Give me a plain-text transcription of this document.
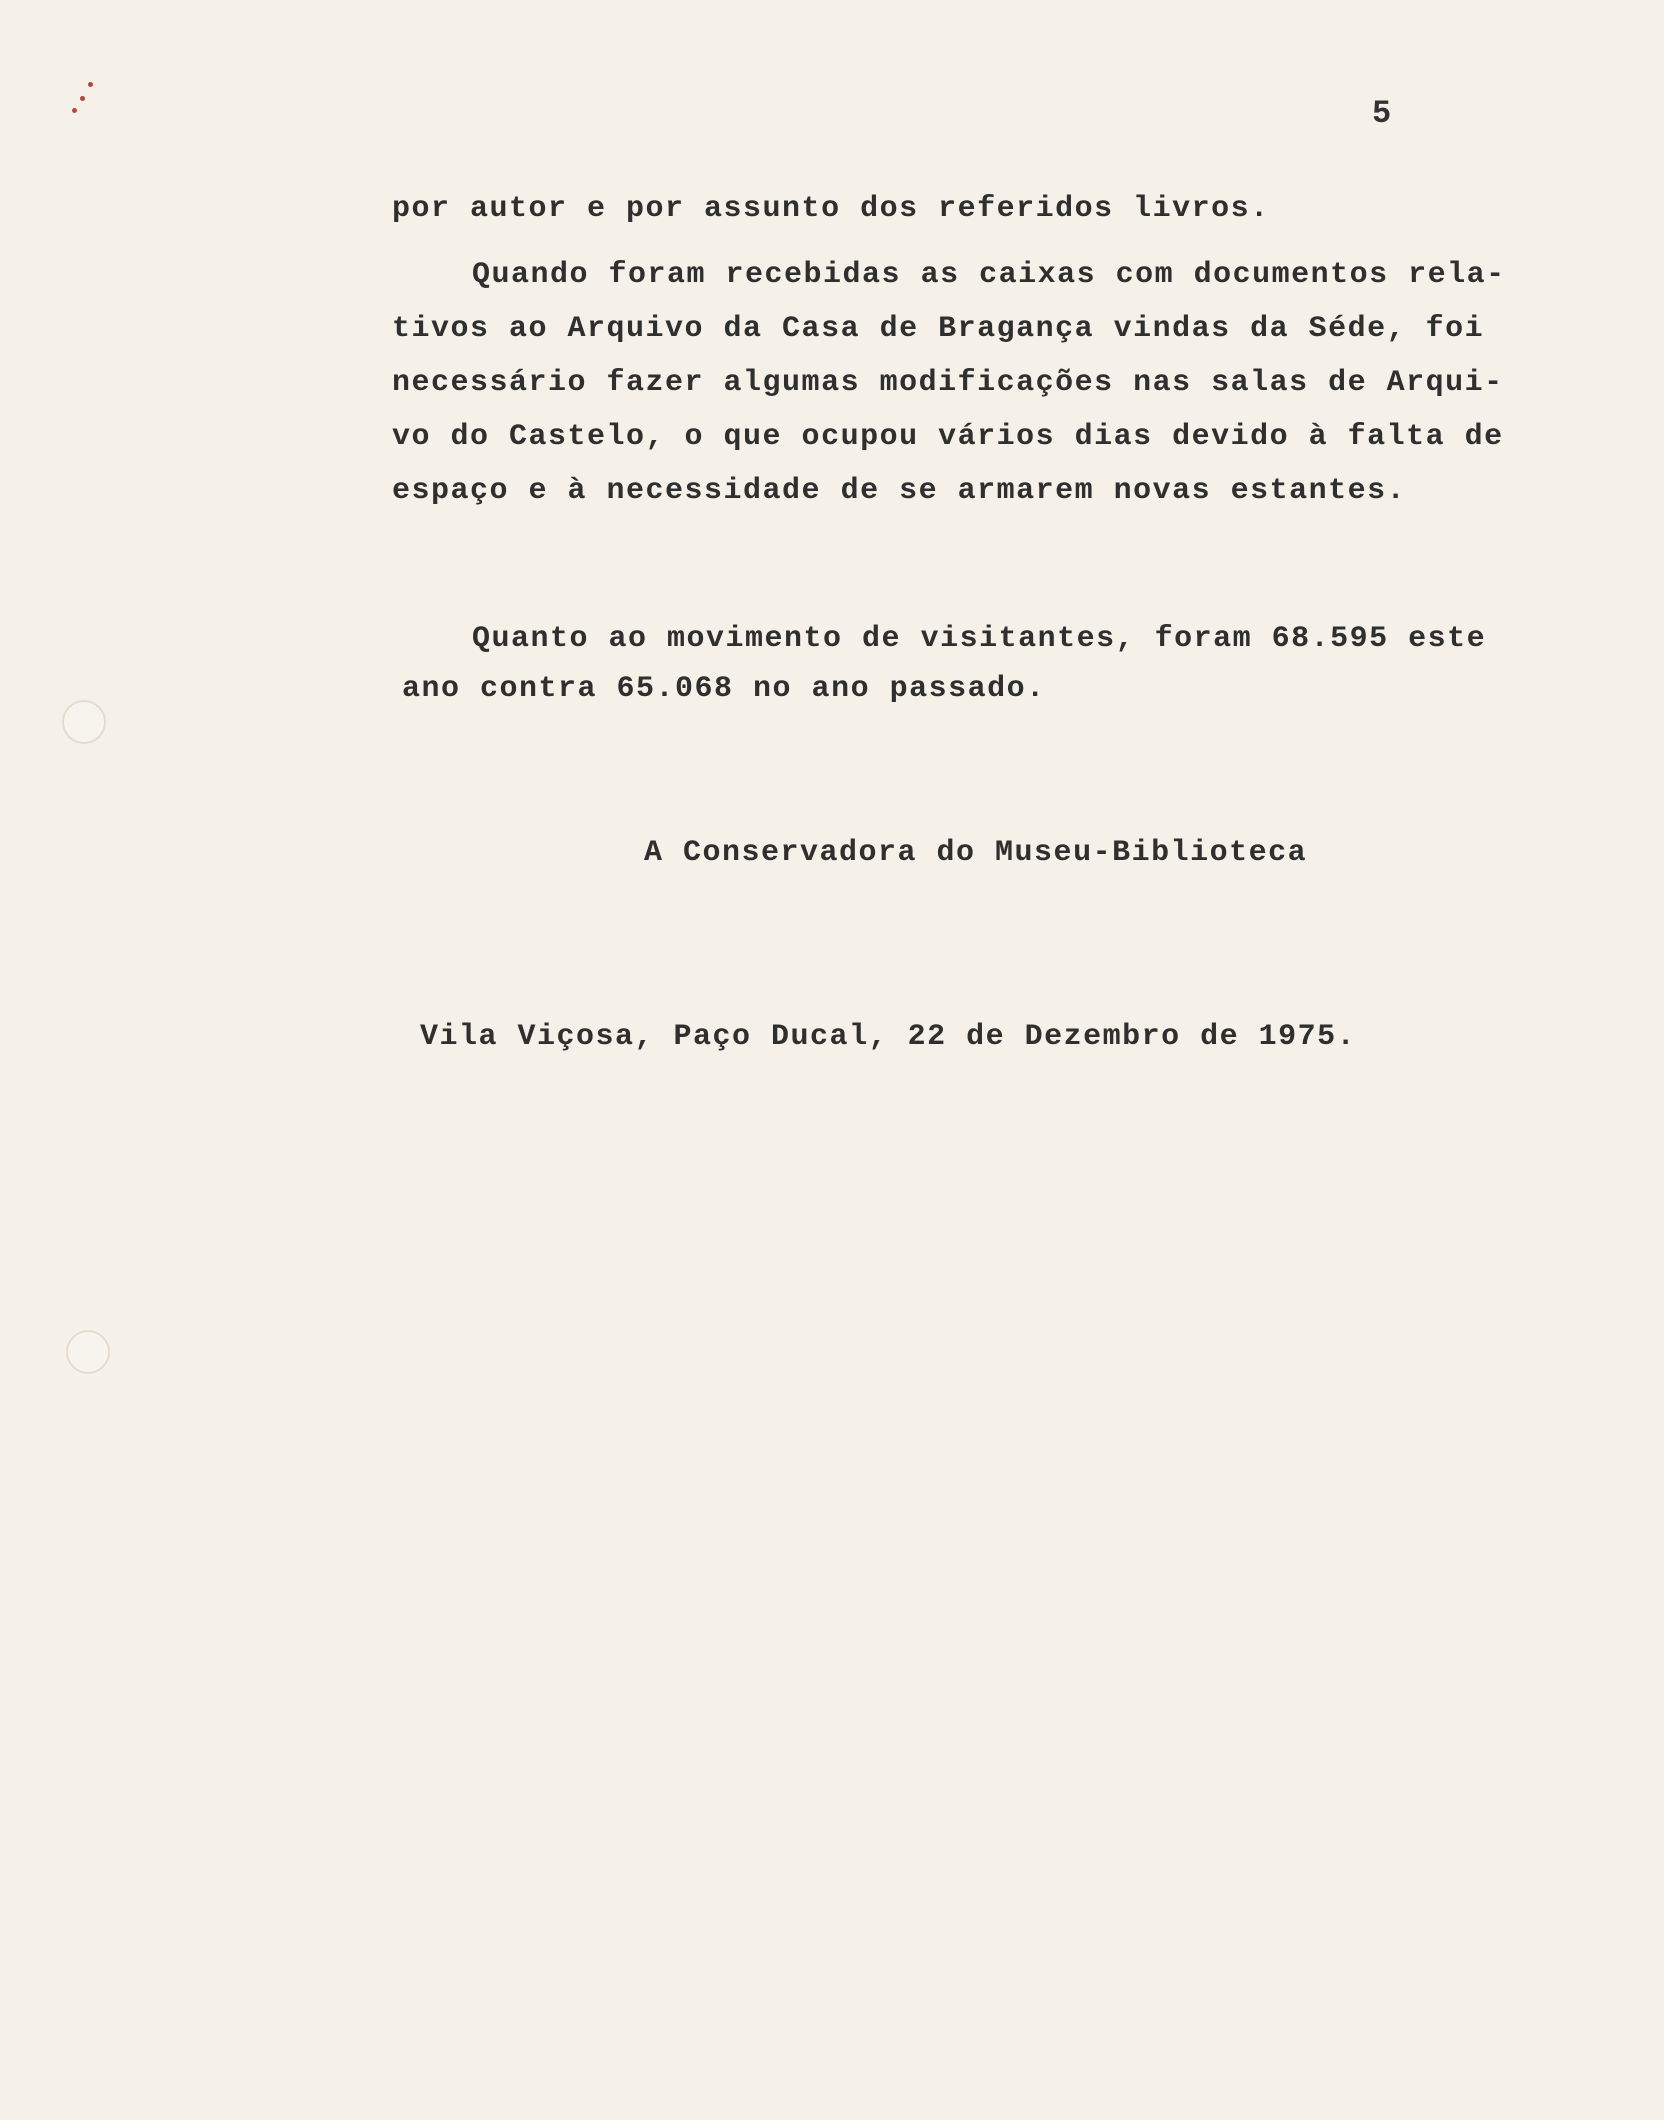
5
por autor e por assunto dos referidos livros.
Quando foram recebidas as caixas com documentos rela-
tivos ao Arquivo da Casa de Bragança vindas da Séde, foi
necessário fazer algumas modificações nas salas de Arqui-
vo do Castelo, o que ocupou vários dias devido à falta de
espaço e à necessidade de se armarem novas estantes.
Quanto ao movimento de visitantes, foram 68.595 este
ano contra 65.068 no ano passado.
A Conservadora do Museu-Biblioteca
Vila Viçosa, Paço Ducal, 22 de Dezembro de 1975.
